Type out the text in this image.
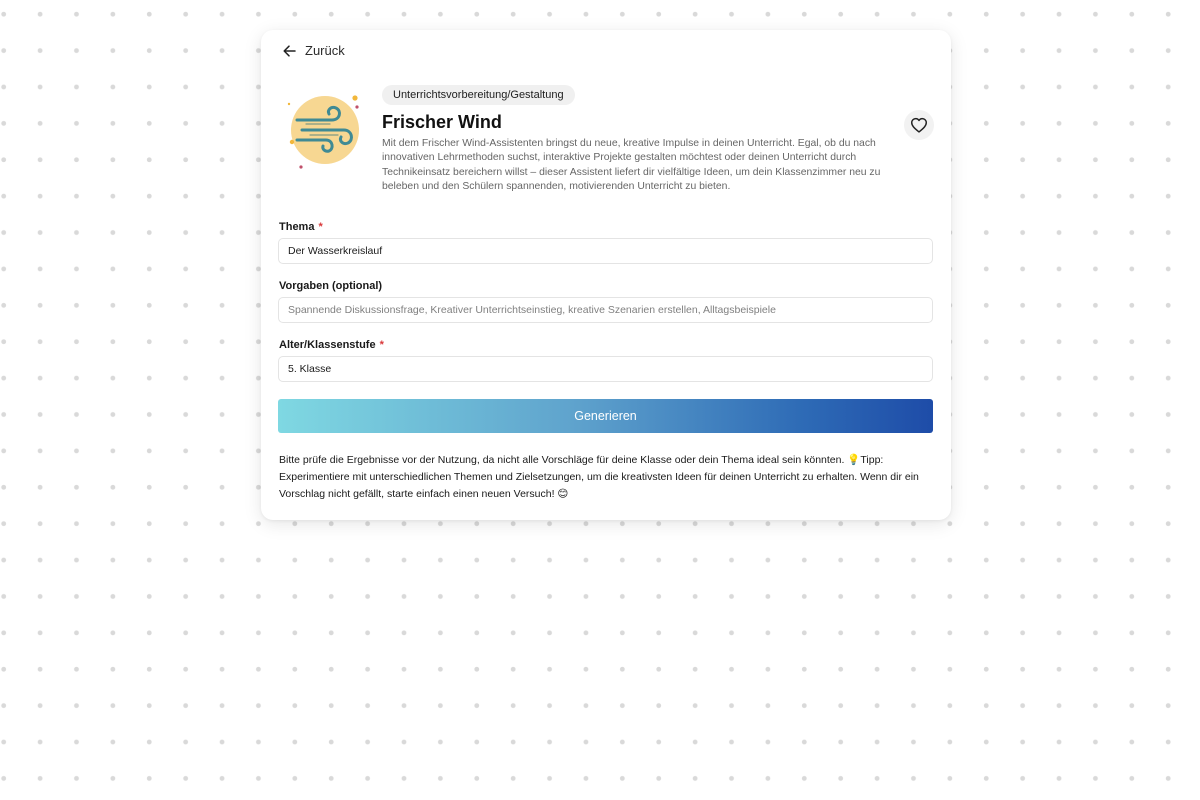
Zurück
Unterrichtsvorbereitung/Gestaltung
Frischer Wind
Mit dem Frischer Wind-Assistenten bringst du neue, kreative Impulse in deinen Unterricht. Egal, ob du nach innovativen Lehrmethoden suchst, interaktive Projekte gestalten möchtest oder deinen Unterricht durch Technikeinsatz bereichern willst – dieser Assistent liefert dir vielfältige Ideen, um dein Klassenzimmer neu zu beleben und den Schülern spannenden, motivierenden Unterricht zu bieten.
Thema *
Der Wasserkreislauf
Vorgaben (optional)
Spannende Diskussionsfrage, Kreativer Unterrichtseinstieg, kreative Szenarien erstellen, Alltagsbeispiele
Alter/Klassenstufe *
5. Klasse
Generieren
Bitte prüfe die Ergebnisse vor der Nutzung, da nicht alle Vorschläge für deine Klasse oder dein Thema ideal sein könnten. 💡Tipp: Experimentiere mit unterschiedlichen Themen und Zielsetzungen, um die kreativsten Ideen für deinen Unterricht zu erhalten. Wenn dir ein Vorschlag nicht gefällt, starte einfach einen neuen Versuch! 😊
